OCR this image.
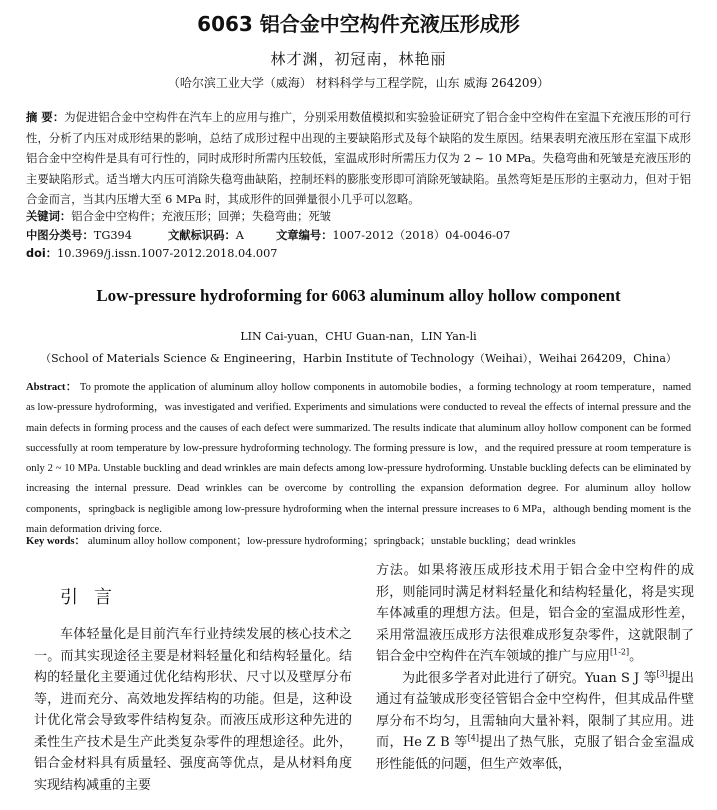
6063 铝合金中空构件充液压形成形
林才渊，初冠南，林艳丽
（哈尔滨工业大学（威海） 材料科学与工程学院，山东 威海 264209）
摘 要：为促进铝合金中空构件在汽车上的应用与推广，分别采用数值模拟和实验验证研究了铝合金中空构件在室温下充液压形的可行性，分析了内压对成形结果的影响，总结了成形过程中出现的主要缺陷形式及每个缺陷的发生原因。结果表明充液压形在室温下成形铝合金中空构件是具有可行性的，同时成形时所需内压较低，室温成形时所需压力仅为 2 ~ 10 MPa。失稳弯曲和死皱是充液压形的主要缺陷形式。适当增大内压可消除失稳弯曲缺陷，控制坯料的膨胀变形即可消除死皱缺陷。虽然弯矩是压形的主驱动力，但对于铝合金而言，当其内压增大至 6 MPa 时，其成形件的回弹量很小几乎可以忽略。
关键词：铝合金中空构件；充液压形；回弹；失稳弯曲；死皱
中图分类号：TG394	文献标识码：A	文章编号：1007-2012（2018）04-0046-07
doi：10.3969/j.issn.1007-2012.2018.04.007
Low-pressure hydroforming for 6063 aluminum alloy hollow component
LIN Cai-yuan，CHU Guan-nan，LIN Yan-li
（School of Materials Science & Engineering，Harbin Institute of Technology（Weihai），Weihai 264209，China）
Abstract： To promote the application of aluminum alloy hollow components in automobile bodies，a forming technology at room temperature，named as low-pressure hydroforming，was investigated and verified. Experiments and simulations were conducted to reveal the effects of internal pressure and the main defects in forming process and the causes of each defect were summarized. The results indicate that aluminum alloy hollow component can be formed successfully at room temperature by low-pressure hydroforming technology. The forming pressure is low，and the required pressure at room temperature is only 2 ~ 10 MPa. Unstable buckling and dead wrinkles are main defects among low-pressure hydroforming. Unstable buckling defects can be eliminated by increasing the internal pressure. Dead wrinkles can be overcome by controlling the expansion deformation degree. For aluminum alloy hollow components，springback is negligible among low-pressure hydroforming when the internal pressure increases to 6 MPa，although bending moment is the main deformation driving force.
Key words： aluminum alloy hollow component；low-pressure hydroforming；springback；unstable buckling；dead wrinkles
引言

车体轻量化是目前汽车行业持续发展的核心技术之一。而其实现途径主要是材料轻量化和结构轻量化。结构的轻量化主要通过优化结构形状、尺寸以及壁厚分布等，进而充分、高效地发挥结构的功能。但是，这种设计优化常会导致零件结构复杂。而液压成形这种先进的柔性生产技术是生产此类复杂零件的理想途径。此外，铝合金材料具有质量轻、强度高等优点，是从材料角度实现结构减重的主要

方法。如果将液压成形技术用于铝合金中空构件的成形，则能同时满足材料轻量化和结构轻量化，将是实现车体减重的理想方法。但是，铝合金的室温成形性差，采用常温液压成形方法很难成形复杂零件，这就限制了铝合金中空构件在汽车领域的推广与应用[1-2]。

为此很多学者对此进行了研究。Yuan S J 等[3]提出通过有益皱成形变径管铝合金中空构件，但其成品件壁厚分布不均匀，且需轴向大量补料，限制了其应用。进而，He Z B 等[4]提出了热气胀，克服了铝合金室温成形性能低的问题，但生产效率低，
